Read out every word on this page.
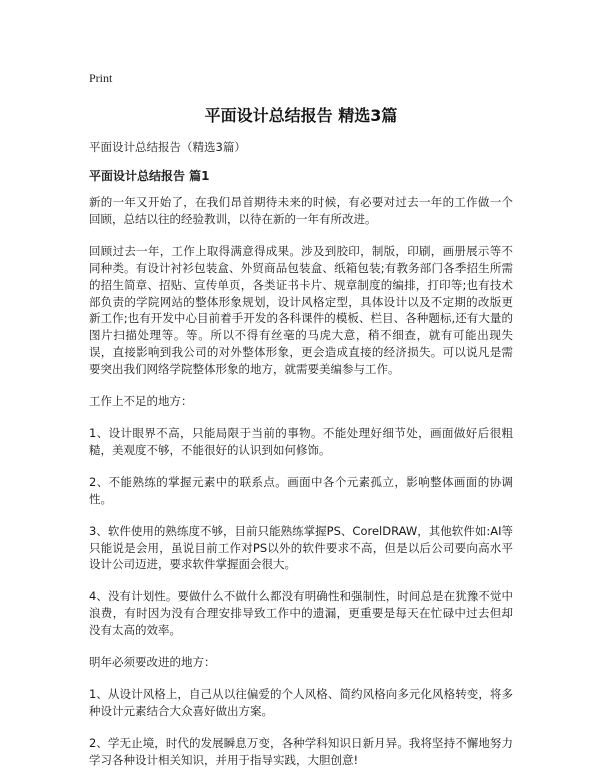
Print
平面设计总结报告 精选3篇
平面设计总结报告（精选3篇）
平面设计总结报告 篇1

新的一年又开始了，在我们昂首期待未来的时候，有必要对过去一年的工作做一个回顾，总结以往的经验教训，以待在新的一年有所改进。

回顾过去一年，工作上取得满意得成果。涉及到胶印，制版，印刷，画册展示等不同种类。有设计衬衫包装盒、外贸商品包装盒、纸箱包装;有教务部门各季招生所需的招生简章、招贴、宣传单页，各类证书卡片、规章制度的编排，打印等;也有技术部负责的学院网站的整体形象规划，设计风格定型，具体设计以及不定期的改版更新工作;也有开发中心目前着手开发的各科课件的模板、栏目、各种题标,还有大量的图片扫描处理等。等。所以不得有丝毫的马虎大意，稍不细查，就有可能出现失误，直接影响到我公司的对外整体形象，更会造成直接的经济损失。可以说凡是需要突出我们网络学院整体形象的地方，就需要美编参与工作。

工作上不足的地方：

1、设计眼界不高，只能局限于当前的事物。不能处理好细节处，画面做好后很粗糙，美观度不够，不能很好的认识到如何修饰。

2、不能熟练的掌握元素中的联系点。画面中各个元素孤立，影响整体画面的协调性。

3、软件使用的熟练度不够，目前只能熟练掌握PS、CorelDRAW，其他软件如:AI等只能说是会用，虽说目前工作对PS以外的软件要求不高，但是以后公司要向高水平设计公司迈进，要求软件掌握面会很大。

4、没有计划性。要做什么不做什么都没有明确性和强制性，时间总是在犹豫不觉中浪费，有时因为没有合理安排导致工作中的遗漏，更重要是每天在忙碌中过去但却没有太高的效率。

明年必须要改进的地方：

1、从设计风格上，自己从以往偏爱的个人风格、简约风格向多元化风格转变，将多种设计元素结合大众喜好做出方案。

2、学无止境，时代的发展瞬息万变，各种学科知识日新月异。我将坚持不懈地努力学习各种设计相关知识，并用于指导实践，大胆创意!
